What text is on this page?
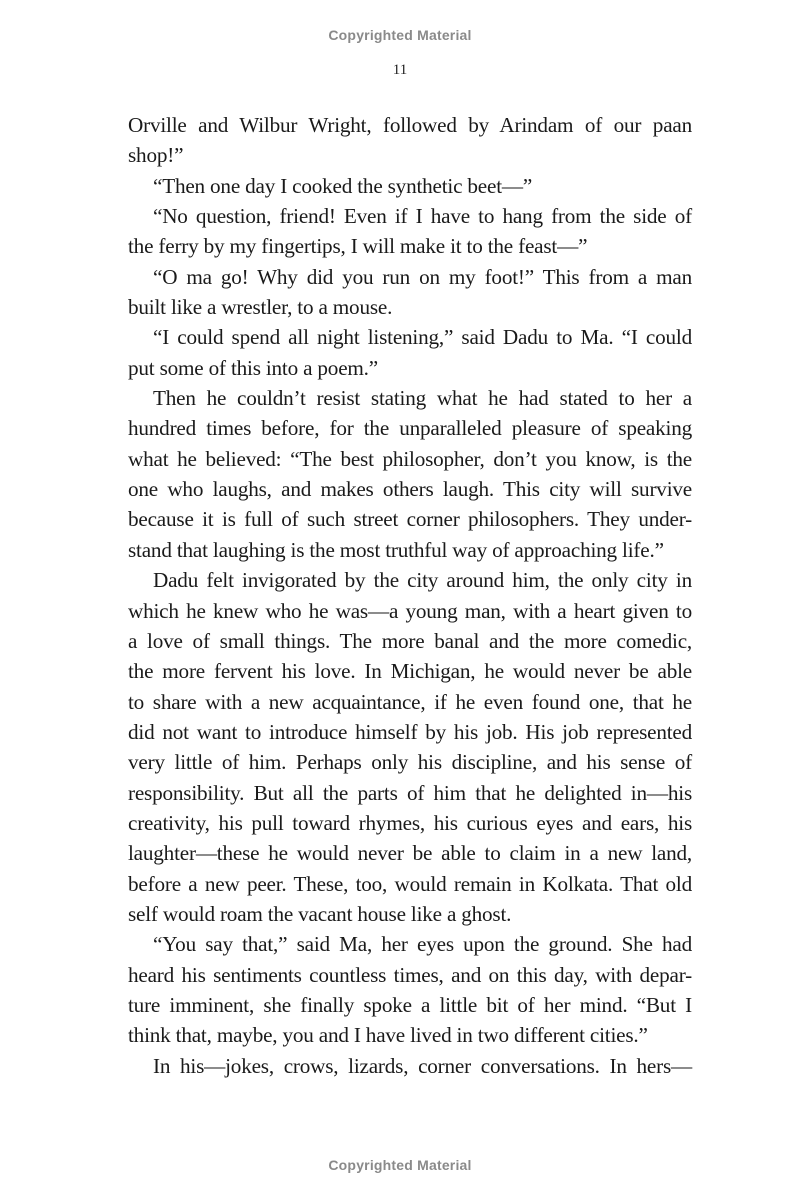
Copyrighted Material
11
Orville and Wilbur Wright, followed by Arindam of our paan
shop!”
“Then one day I cooked the synthetic beet—”
“No question, friend! Even if I have to hang from the side of
the ferry by my fingertips, I will make it to the feast—”
“O ma go! Why did you run on my foot!” This from a man
built like a wrestler, to a mouse.
“I could spend all night listening,” said Dadu to Ma. “I could
put some of this into a poem.”
Then he couldn’t resist stating what he had stated to her a
hundred times before, for the unparalleled pleasure of speaking
what he believed: “The best philosopher, don’t you know, is the
one who laughs, and makes others laugh. This city will survive
because it is full of such street corner philosophers. They under-
stand that laughing is the most truthful way of approaching life.”
Dadu felt invigorated by the city around him, the only city in
which he knew who he was—a young man, with a heart given to
a love of small things. The more banal and the more comedic,
the more fervent his love. In Michigan, he would never be able
to share with a new acquaintance, if he even found one, that he
did not want to introduce himself by his job. His job represented
very little of him. Perhaps only his discipline, and his sense of
responsibility. But all the parts of him that he delighted in—his
creativity, his pull toward rhymes, his curious eyes and ears, his
laughter—these he would never be able to claim in a new land,
before a new peer. These, too, would remain in Kolkata. That old
self would roam the vacant house like a ghost.
“You say that,” said Ma, her eyes upon the ground. She had
heard his sentiments countless times, and on this day, with depar-
ture imminent, she finally spoke a little bit of her mind. “But I
think that, maybe, you and I have lived in two different cities.”
In his—jokes, crows, lizards, corner conversations. In hers—
Copyrighted Material
